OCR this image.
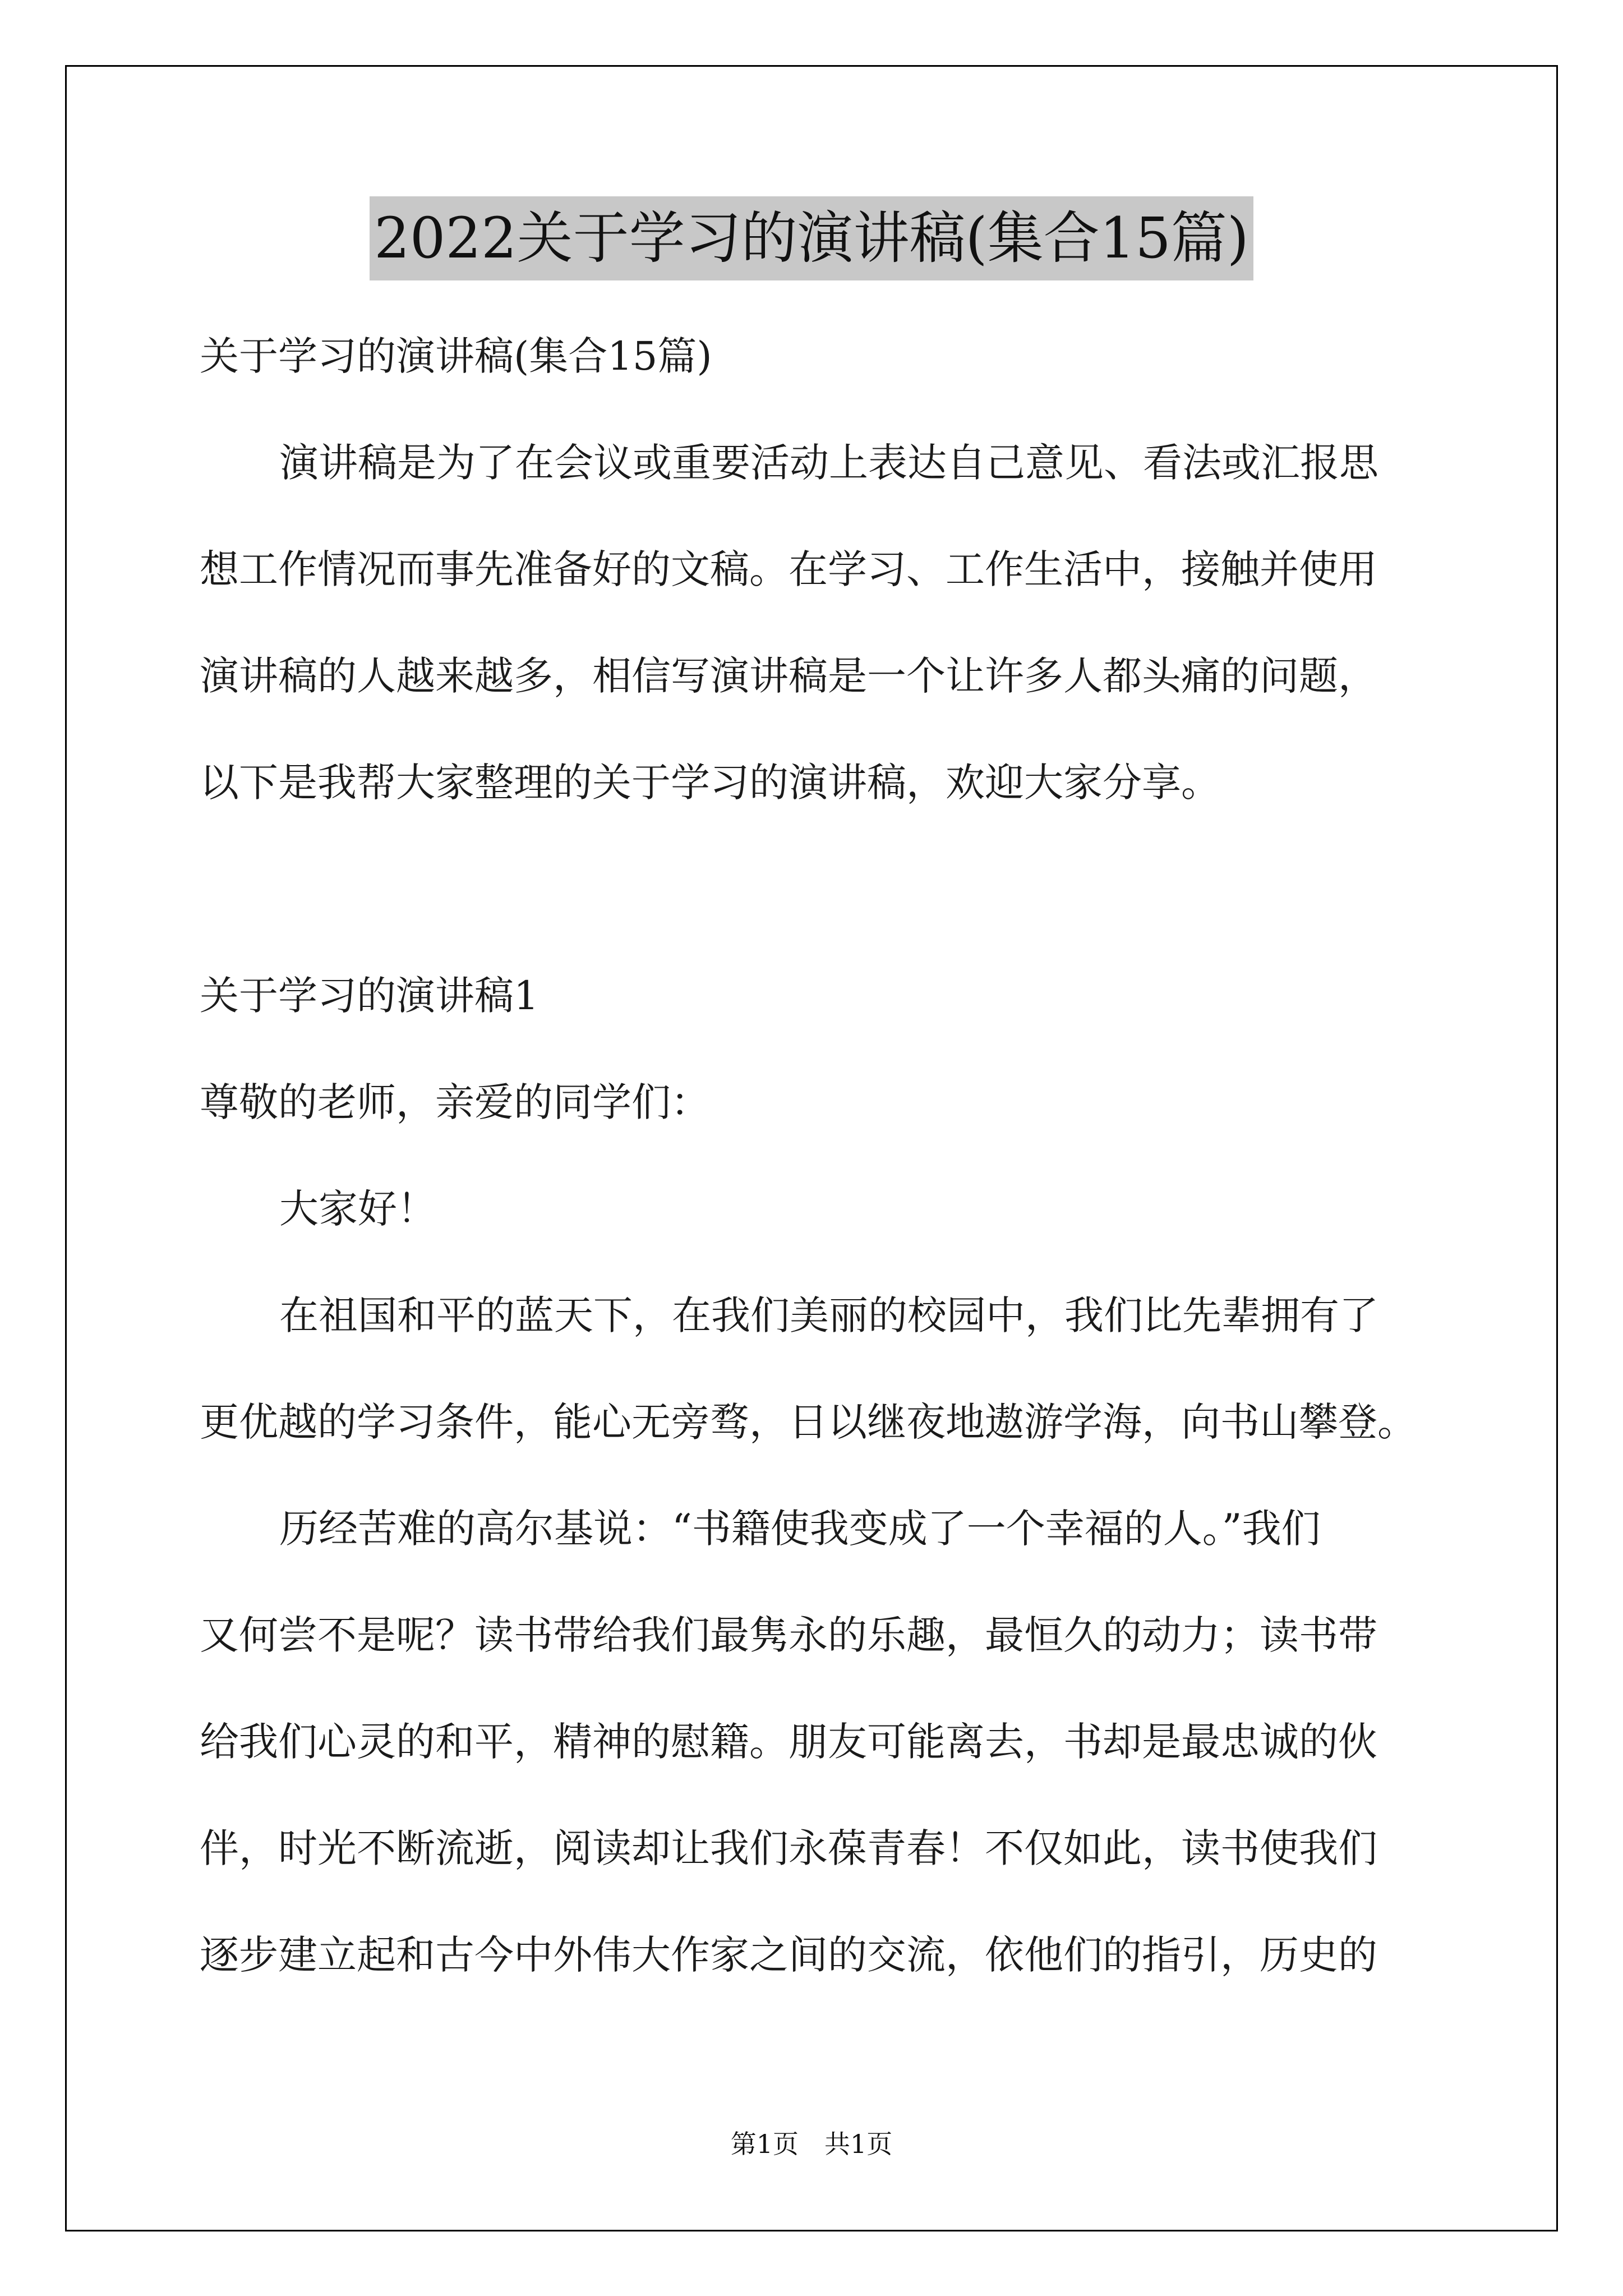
2022关于学习的演讲稿(集合15篇)
关于学习的演讲稿(集合15篇)
演讲稿是为了在会议或重要活动上表达自己意见、看法或汇报思
想工作情况而事先准备好的文稿。在学习、工作生活中，接触并使用
演讲稿的人越来越多，相信写演讲稿是一个让许多人都头痛的问题，
以下是我帮大家整理的关于学习的演讲稿，欢迎大家分享。
关于学习的演讲稿1
尊敬的老师，亲爱的同学们：
大家好！
在祖国和平的蓝天下，在我们美丽的校园中，我们比先辈拥有了
更优越的学习条件，能心无旁骛，日以继夜地遨游学海，向书山攀登。
历经苦难的高尔基说：“书籍使我变成了一个幸福的人。”我们
又何尝不是呢？读书带给我们最隽永的乐趣，最恒久的动力；读书带
给我们心灵的和平，精神的慰籍。朋友可能离去，书却是最忠诚的伙
伴，时光不断流逝，阅读却让我们永葆青春！不仅如此，读书使我们
逐步建立起和古今中外伟大作家之间的交流，依他们的指引，历史的
第1页　共1页
